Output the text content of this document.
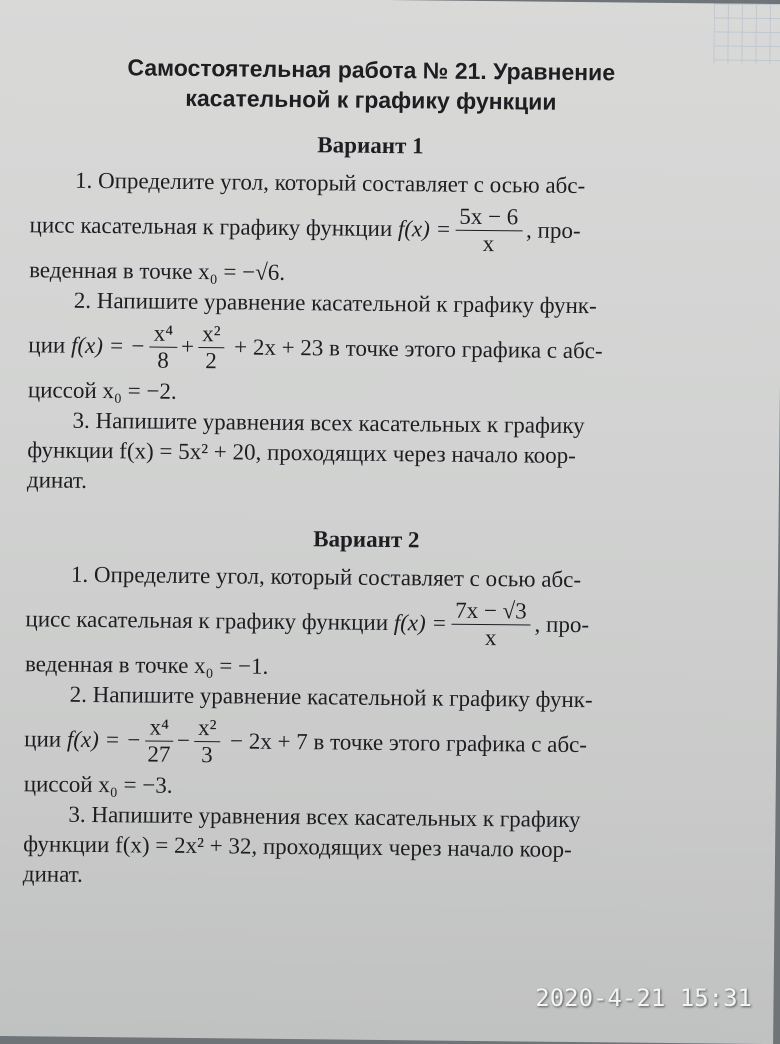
Самостоятельная работа № 21. Уравнение
касательной к графику функции
Вариант 1
1. Определите угол, который составляет с осью абс-
цисс касательная к графику функции
$f(x) = \frac{5x - 6}{x}$ , про-
веденная в точке x₀ = −√6.
2. Напишите уравнение касательной к графику функ-
ции
f(x) = − $\frac{\text{x⁴}}{8} + \frac{\text{x²}}{2}$
+ 2x + 23
в точке этого графика с абс-
циссой x₀ = −2.
3. Напишите уравнения всех касательных к графику
функции f(x) = 5x² + 20, проходящих через начало коор-
динат.
Вариант 2
1. Определите угол, который составляет с осью абс-
цисс касательная к графику функции
$f(x) = \frac{7x - √3}{x}$ , про-
веденная в точке x₀ = −1.
2. Напишите уравнение касательной к графику функ-
ции
f(x) = − $\frac{\text{x⁴}}{27} - \frac{\text{x²}}{3}$
− 2x + 7
в точке этого графика с абс-
циссой x₀ = −3.
3. Напишите уравнения всех касательных к графику
функции f(x) = 2x² + 32, проходящих через начало коор-
динат.
2020-4-21 15:31
